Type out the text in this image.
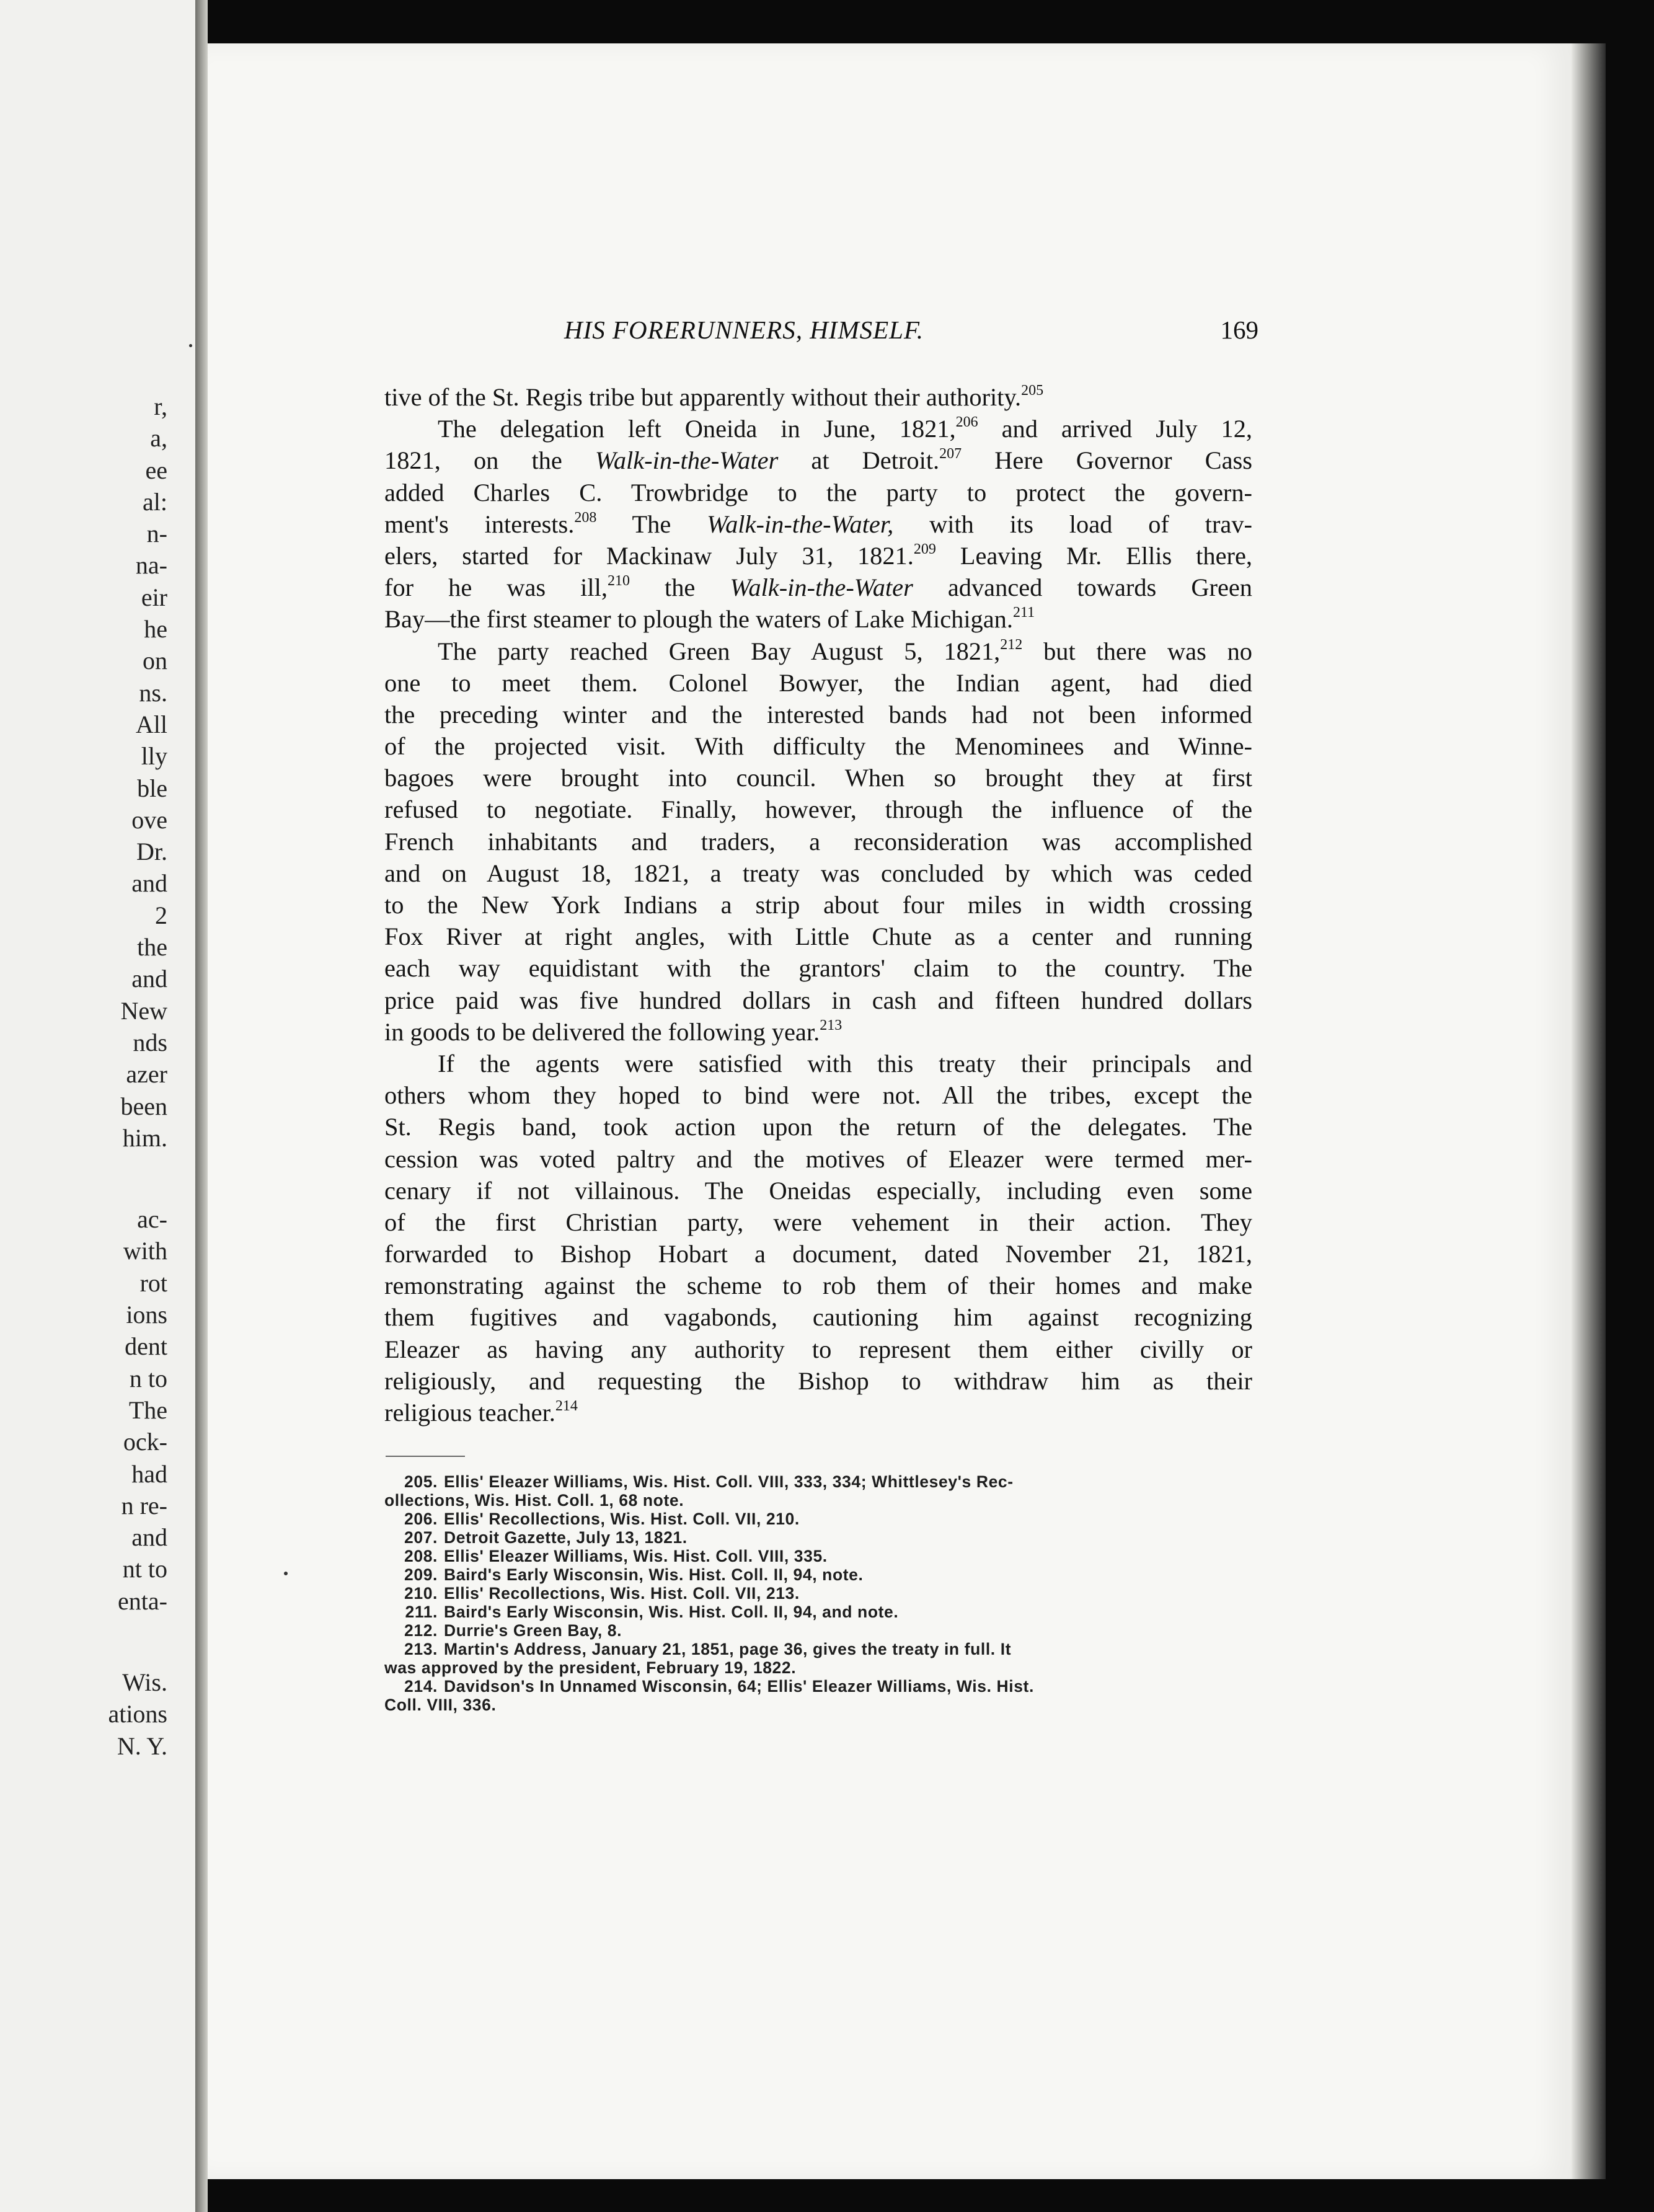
r,
a,
ee
al:
n-
na-
eir
he
on
ns.
All
lly
ble
ove
Dr.
and
2
the
and
New
nds
azer
been
him.
ac-
with
rot
ions
dent
n to
The
ock-
had
n re-
and
nt to
enta-
Wis.
ations
N. Y.
HIS FORERUNNERS, HIMSELF.	169
tive of the St. Regis tribe but apparently without their authority.$^{205}$
The delegation left Oneida in June, 1821,$^{206}$ and arrived July 12,
1821, on the Walk-in-the-Water at Detroit.$^{207}$ Here Governor Cass
added Charles C. Trowbridge to the party to protect the govern-
ment's interests.$^{208}$ The Walk-in-the-Water, with its load of trav-
elers, started for Mackinaw July 31, 1821.$^{209}$ Leaving Mr. Ellis there,
for he was ill,$^{210}$ the Walk-in-the-Water advanced towards Green
Bay—the first steamer to plough the waters of Lake Michigan.$^{211}$
The party reached Green Bay August 5, 1821,$^{212}$ but there was no
one to meet them. Colonel Bowyer, the Indian agent, had died
the preceding winter and the interested bands had not been informed
of the projected visit. With difficulty the Menominees and Winne-
bagoes were brought into council. When so brought they at first
refused to negotiate. Finally, however, through the influence of the
French inhabitants and traders, a reconsideration was accomplished
and on August 18, 1821, a treaty was concluded by which was ceded
to the New York Indians a strip about four miles in width crossing
Fox River at right angles, with Little Chute as a center and running
each way equidistant with the grantors' claim to the country. The
price paid was five hundred dollars in cash and fifteen hundred dollars
in goods to be delivered the following year.$^{213}$
If the agents were satisfied with this treaty their principals and
others whom they hoped to bind were not. All the tribes, except the
St. Regis band, took action upon the return of the delegates. The
cession was voted paltry and the motives of Eleazer were termed mer-
cenary if not villainous. The Oneidas especially, including even some
of the first Christian party, were vehement in their action. They
forwarded to Bishop Hobart a document, dated November 21, 1821,
remonstrating against the scheme to rob them of their homes and make
them fugitives and vagabonds, cautioning him against recognizing
Eleazer as having any authority to represent them either civilly or
religiously, and requesting the Bishop to withdraw him as their
religious teacher.$^{214}$
205. Ellis' Eleazer Williams, Wis. Hist. Coll. VIII, 333, 334; Whittlesey's Rec-
ollections, Wis. Hist. Coll. 1, 68 note.
206. Ellis' Recollections, Wis. Hist. Coll. VII, 210.
207. Detroit Gazette, July 13, 1821.
208. Ellis' Eleazer Williams, Wis. Hist. Coll. VIII, 335.
209. Baird's Early Wisconsin, Wis. Hist. Coll. II, 94, note.
210. Ellis' Recollections, Wis. Hist. Coll. VII, 213.
211. Baird's Early Wisconsin, Wis. Hist. Coll. II, 94, and note.
212. Durrie's Green Bay, 8.
213. Martin's Address, January 21, 1851, page 36, gives the treaty in full. It
was approved by the president, February 19, 1822.
214. Davidson's In Unnamed Wisconsin, 64; Ellis' Eleazer Williams, Wis. Hist.
Coll. VIII, 336.
